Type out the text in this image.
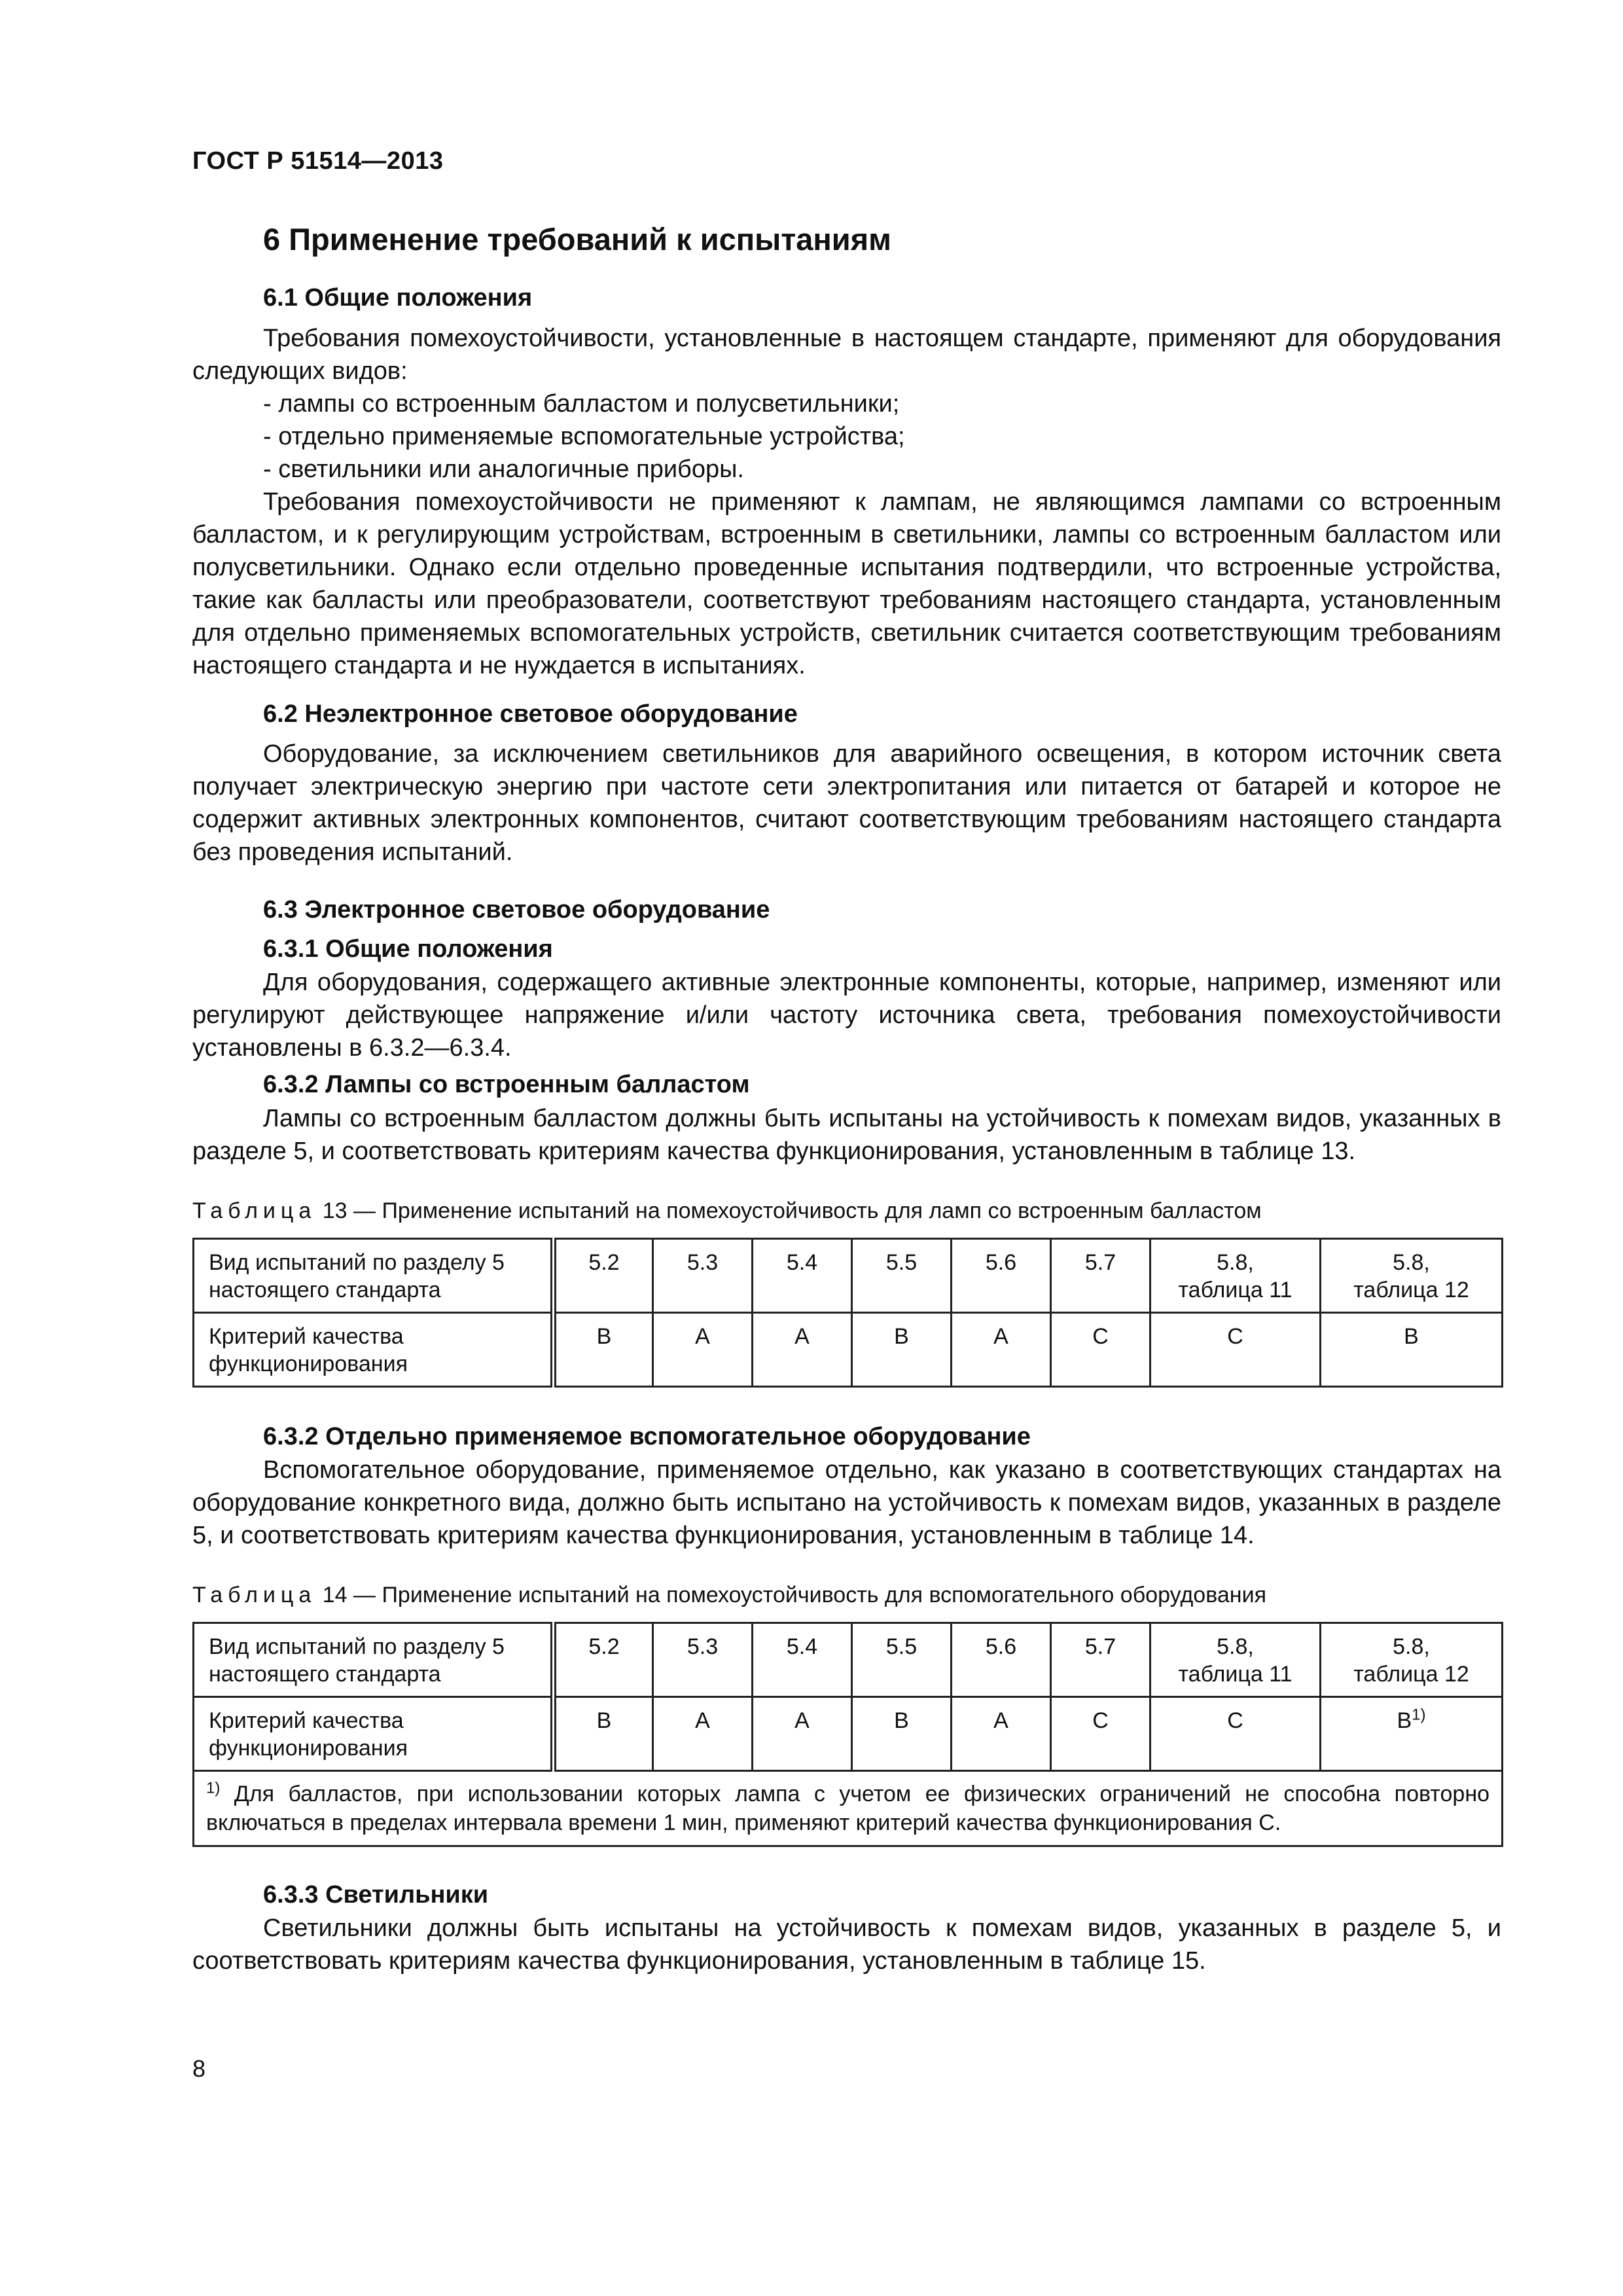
ГОСТ Р 51514—2013
6 Применение требований к испытаниям
6.1 Общие положения

Требования помехоустойчивости, установленные в настоящем стандарте, применяют для оборудования следующих видов:

- лампы со встроенным балластом и полусветильники;

- отдельно применяемые вспомогательные устройства;

- светильники или аналогичные приборы.

Требования помехоустойчивости не применяют к лампам, не являющимся лампами со встроенным балластом, и к регулирующим устройствам, встроенным в светильники, лампы со встроенным балластом или полусветильники. Однако если отдельно проведенные испытания подтвердили, что встроенные устройства, такие как балласты или преобразователи, соответствуют требованиям настоящего стандарта, установленным для отдельно применяемых вспомогательных устройств, светильник считается соответствующим требованиям настоящего стандарта и не нуждается в испытаниях.

6.2 Неэлектронное световое оборудование

Оборудование, за исключением светильников для аварийного освещения, в котором источник света получает электрическую энергию при частоте сети электропитания или питается от батарей и которое не содержит активных электронных компонентов, считают соответствующим требованиям настоящего стандарта без проведения испытаний.

6.3 Электронное световое оборудование
6.3.1 Общие положения

Для оборудования, содержащего активные электронные компоненты, которые, например, изменяют или регулируют действующее напряжение и/или частоту источника света, требования помехоустойчивости установлены в 6.3.2—6.3.4.

6.3.2 Лампы со встроенным балластом

Лампы со встроенным балластом должны быть испытаны на устойчивость к помехам видов, указанных в разделе 5, и соответствовать критериям качества функционирования, установленным в таблице 13.

Таблица 13 — Применение испытаний на помехоустойчивость для ламп со встроенным балластом
Вид испытаний по разделу 5 настоящего стандарта	5.2	5.3	5.4	5.5	5.6	5.7	5.8,
таблица 11	5.8,
таблица 12
Критерий качества функционирования	B	A	A	B	A	C	C	B
6.3.2 Отдельно применяемое вспомогательное оборудование

Вспомогательное оборудование, применяемое отдельно, как указано в соответствующих стандартах на оборудование конкретного вида, должно быть испытано на устойчивость к помехам видов, указанных в разделе 5, и соответствовать критериям качества функционирования, установленным в таблице 14.

Таблица 14 — Применение испытаний на помехоустойчивость для вспомогательного оборудования
Вид испытаний по разделу 5 настоящего стандарта	5.2	5.3	5.4	5.5	5.6	5.7	5.8,
таблица 11	5.8,
таблица 12
Критерий качества функционирования	B	A	A	B	A	C	C	$B^{1)}$
$^{1)}$ Для балластов, при использовании которых лампа с учетом ее физических ограничений не способна повторно включаться в пределах интервала времени 1 мин, применяют критерий качества функционирования С.								
6.3.3 Светильники

Светильники должны быть испытаны на устойчивость к помехам видов, указанных в разделе 5, и соответствовать критериям качества функционирования, установленным в таблице 15.

8
